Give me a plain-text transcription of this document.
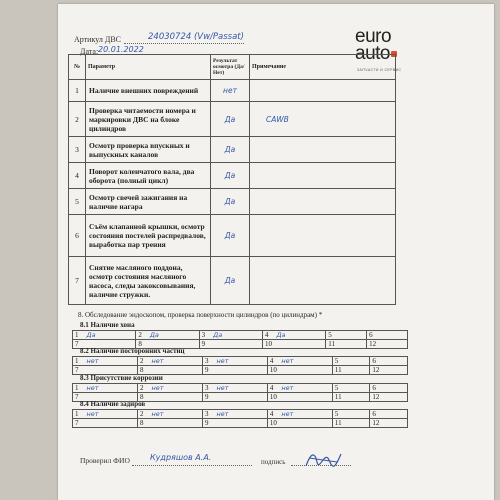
Артикул ДВС	24030724 (Vw/Passat)
Дата: 20.01.2022
euro
auto
ЗАПЧАСТИ И СЕРВИС
№	Параметр	Результат осмотра (Да/Нет)	Примечание
1	Наличие внешних повреждений	нет	
2	Проверка читаемости номера и маркировки ДВС на блоке цилиндров	Да	CAWB
3	Осмотр проверка впускных и выпускных каналов	Да	
4	Поворот коленчатого вала, два оборота (полный цикл)	Да	
5	Осмотр свечей зажигания на наличие нагара	Да	
6	Съём клапанной крышки, осмотр состояния постелей распредвалов, выработка пар трения	Да	
7	Снятие масляного поддона, осмотр состояния масляного насоса, следы закоксовывания, наличие стружки.	Да	
8. Обследование эндоскопом, проверка поверхности цилиндров (по цилиндрам) *
8.1 Наличие хона
1 Да	2 Да	3 Да	4 Да	5	6
7	8	9	10	11	12
8.2 Наличие посторонних частиц
1 нет	2 нет	3 нет	4 нет	5	6
7	8	9	10	11	12
8.3 Присутствие коррозии
1 нет	2 нет	3 нет	4 нет	5	6
7	8	9	10	11	12
8.4 Наличие задиров
1 нет	2 нет	3 нет	4 нет	5	6
7	8	9	10	11	12
Проверил ФИО	Кудряшов А.А.	подпись
